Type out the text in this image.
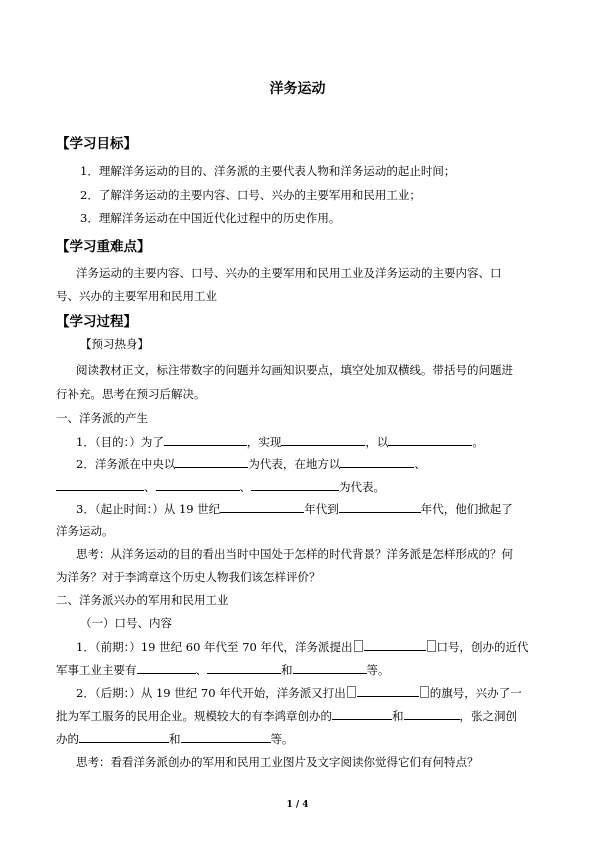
洋务运动
【学习目标】
1．理解洋务运动的目的、洋务派的主要代表人物和洋务运动的起止时间；
2．了解洋务运动的主要内容、口号、兴办的主要军用和民用工业；
3．理解洋务运动在中国近代化过程中的历史作用。
【学习重难点】
洋务运动的主要内容、口号、兴办的主要军用和民用工业及洋务运动的主要内容、口
号、兴办的主要军用和民用工业
【学习过程】
【预习热身】
阅读教材正文，标注带数字的问题并勾画知识要点，填空处加双横线。带括号的问题进
行补充。思考在预习后解决。
一、洋务派的产生
1．（目的：）为了	，实现	，以	。
2．洋务派在中央以	为代表，在地方以	、
、	、	为代表。
3．（起止时间：）从 19 世纪	年代到	年代，他们掀起了
洋务运动。
思考：从洋务运动的目的看出当时中国处于怎样的时代背景？洋务派是怎样形成的？何
为洋务？对于李鸿章这个历史人物我们该怎样评价？
二、洋务派兴办的军用和民用工业
（一）口号、内容
1．（前期：）19 世纪 60 年代至 70 年代，洋务派提出	口号，创办的近代
军事工业主要有	、	和	等。
2．（后期：）从 19 世纪 70 年代开始，洋务派又打出	的旗号，兴办了一
批为军工服务的民用企业。规模较大的有李鸿章创办的	和	，张之洞创
办的	和	等。
思考：看看洋务派创办的军用和民用工业图片及文字阅读你觉得它们有何特点？
1 / 4
